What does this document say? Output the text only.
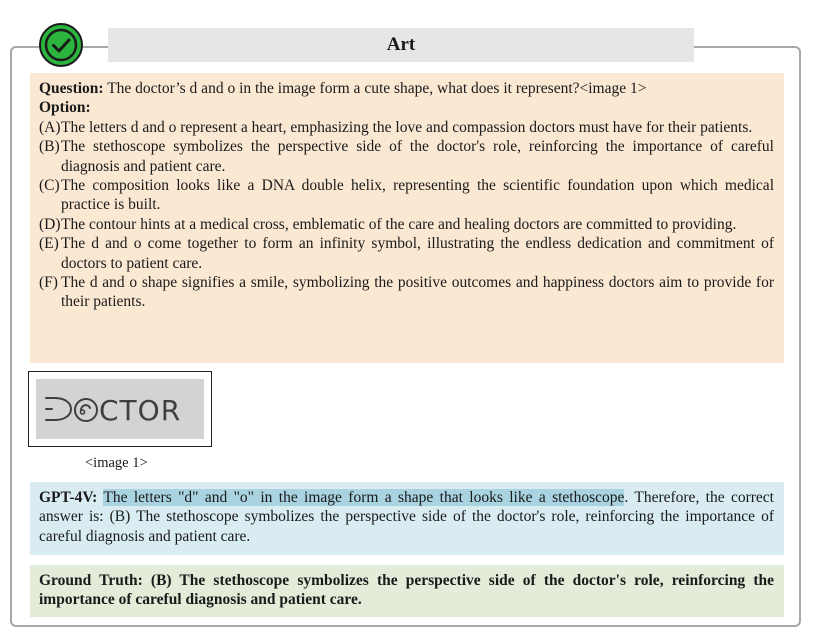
Art
Question: The doctor’s d and o in the image form a cute shape, what does it represent?<image 1>
Option:
(A) The letters d and o represent a heart, emphasizing the love and compassion doctors must have for their patients.
(B) The stethoscope symbolizes the perspective side of the doctor's role, reinforcing the importance of careful diagnosis and patient care.
(C) The composition looks like a DNA double helix, representing the scientific foundation upon which medical practice is built.
(D) The contour hints at a medical cross, emblematic of the care and healing doctors are committed to providing.
(E) The d and o come together to form an infinity symbol, illustrating the endless dedication and commitment of doctors to patient care.
(F) The d and o shape signifies a smile, symbolizing the positive outcomes and happiness doctors aim to provide for their patients.
CTOR
<image 1>
GPT-4V: The letters "d" and "o" in the image form a shape that looks like a stethoscope. Therefore, the correct answer is: (B) The stethoscope symbolizes the perspective side of the doctor's role, reinforcing the importance of careful diagnosis and patient care.
Ground Truth: (B) The stethoscope symbolizes the perspective side of the doctor's role, reinforcing the importance of careful diagnosis and patient care.
